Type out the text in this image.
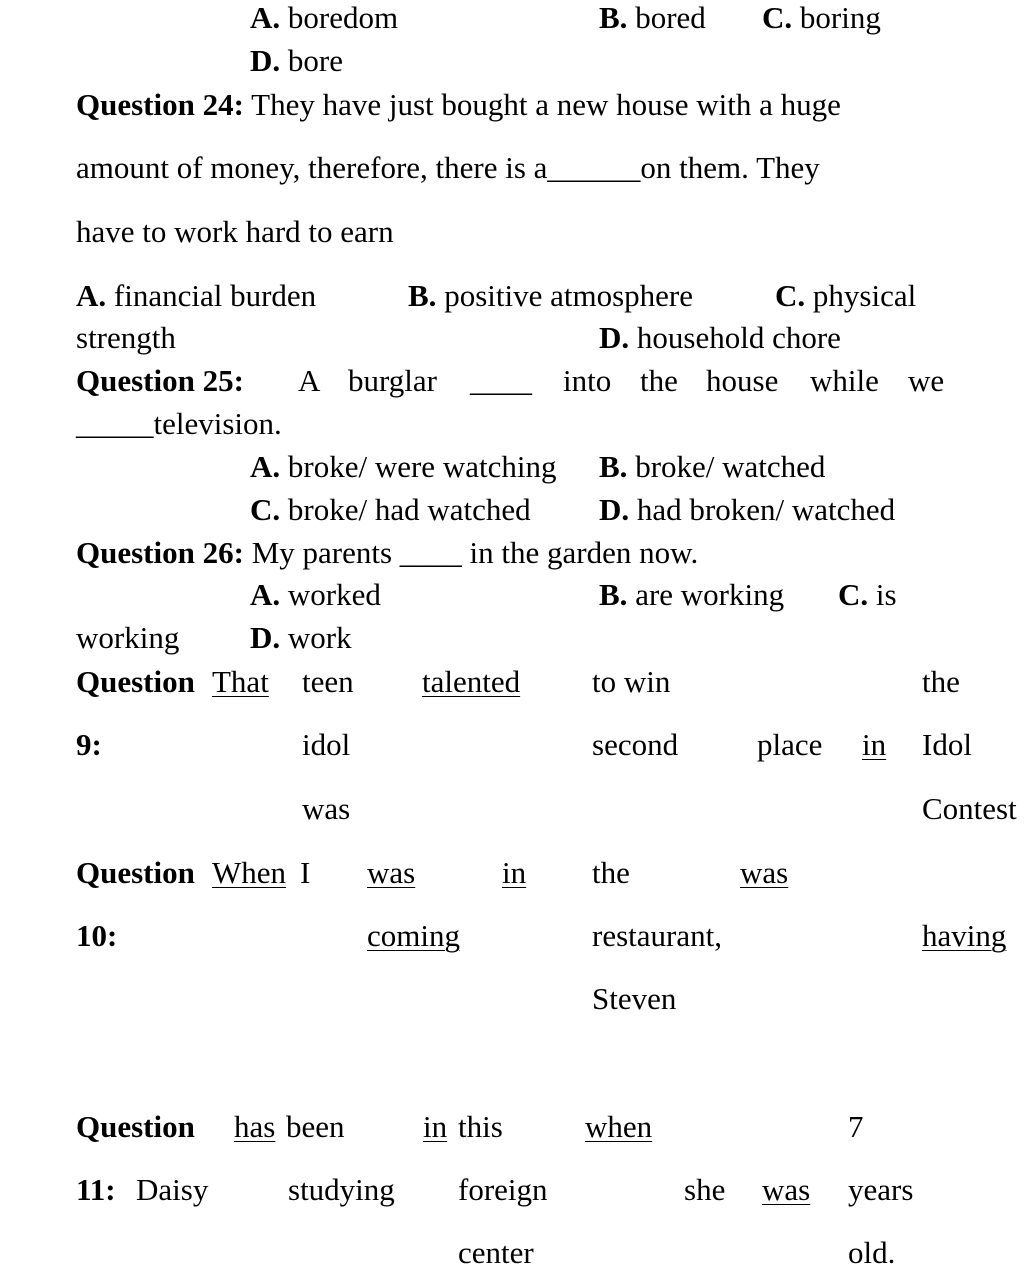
A. boredom	B. bored C. boring
D. bore
Question 24: They have just bought a new house with a huge
amount of money, therefore, there is a______on them. They
have to work hard to earn
A. financial burden	B. positive atmosphere	C. physical
strength	D. household chore
Question 25: A burglar ____ into the house while we
_____television.
A. broke/ were watching B. broke/ watched
C. broke/ had watched D. had broken/ watched
Question 26: My parents ____ in the garden now.
A. worked	B. are working C. is
working D. work
Question
9:
That teen
idol
was
talented to win
second	place in
the
Idol
Contest
Question
10:
When I was
coming
in the
restaurant,
Steven
was
having
Question
11: Daisy
has been
studying
in this
foreign
center
when
she was
7
years
old.
